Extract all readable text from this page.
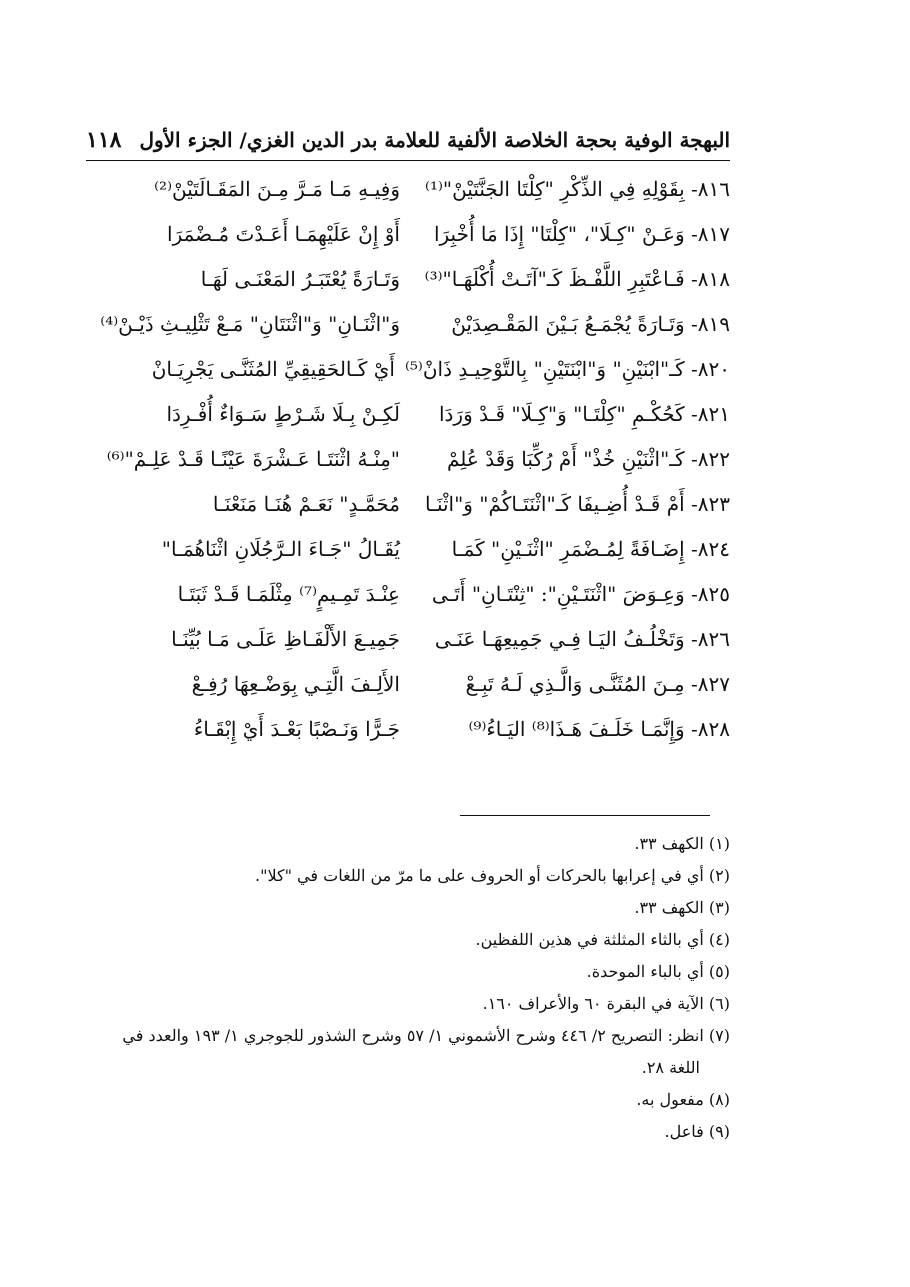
البهجة الوفية بحجة الخلاصة الألفية للعلامة بدر الدين الغزي/ الجزء الأول
١١٨
٨١٦- بِقَوْلِهِ فِي الذِّكْرِ "كِلْتَا الجَنَّتَيْنْ"⁽¹⁾
وَفِيـهِ مَـا مَـرَّ مِـنَ المَقَـالَتَيْنْ⁽²⁾
٨١٧- وَعَـنْ "كِـلَا"، "كِلْتَا" إِذَا مَا أُخْبِرَا
أَوْ إِنْ عَلَيْهِمَـا أَعَـدْتَ مُـضْمَرَا
٨١٨- فَـاعْتَبِرِ اللَّفْـظَ كَـ"آتَـتْ أُكْلَهَـا"⁽³⁾
وَتَـارَةً يُعْتَبَـرُ المَعْنَـى لَهَـا
٨١٩- وَتَـارَةً يُجْمَـعُ بَـيْنَ المَقْـصِدَيْنْ
وَ"اثْنَـانِ" وَ"اثْنَتَانِ" مَـعْ تَثْلِيـثِ ذَيْـنْ⁽⁴⁾
٨٢٠- كَـ"ابْنَيْنِ" وَ"ابْنَتَيْنِ" بِالتَّوْحِيـدِ ذَانْ⁽⁵⁾
أَيْ كَـالحَقِيقِيِّ المُثَنَّـى يَجْرِيَـانْ
٨٢١- كَحُكْـمِ "كِلْتَـا" وَ"كِـلَا" قَـدْ وَرَدَا
لَكِـنْ بِـلَا شَـرْطٍ سَـوَاءٌ أُفْـرِدَا
٨٢٢- كَـ"اثْنَيْنِ خُذْ" أَمْ رُكِّبَا وَقَدْ عُلِمْ
"مِنْـهُ اثْنَتَـا عَـشْرَةَ عَيْنًـا قَـدْ عَلِـمْ"⁽⁶⁾
٨٢٣- أَمْ قَـدْ أُضِـيفَا كَـ"اثْنَتَـاكُمْ" وَ"اثْنَـا
مُحَمَّـدٍ" نَعَـمْ هُنَـا مَنَعْنَـا
٨٢٤- إِضَـافَةً لِمُـضْمَرِ "اثْنَـيْنِ" كَمَـا
يُقَـالُ "جَـاءَ الـرَّجُلَانِ اثْنَاهُمَـا"
٨٢٥- وَعِـوَضَ "اثْنَتَـيْنِ": "ثِنْتَـانِ" أَتَـى
عِنْـدَ تَمِـيمٍ⁽⁷⁾ مِثْلَمَـا قَـدْ ثَبَتَـا
٨٢٦- وَتَخْلُـفُ اليَـا فِـي جَمِيعِهَـا عَنَـى
جَمِيـعَ الأَلْفَـاظِ عَلَـى مَـا بُيِّنَـا
٨٢٧- مِـنَ المُثَنَّـى وَالَّـذِي لَـهُ تَبِـعْ
الأَلِـفَ الَّتِـي بِوَضْـعِهَا رُفِـعْ
٨٢٨- وَإِنَّمَـا خَلَـفَ هَـذَا⁽⁸⁾ اليَـاءُ⁽⁹⁾
جَـرًّا وَنَـصْبًا بَعْـدَ أَيْ إِبْقَـاءُ
(١) الكهف ٣٣.
(٢) أي في إعرابها بالحركات أو الحروف على ما مرّ من اللغات في "كلا".
(٣) الكهف ٣٣.
(٤) أي بالثاء المثلثة في هذين اللفظين.
(٥) أي بالباء الموحدة.
(٦) الآية في البقرة ٦٠ والأعراف ١٦٠.
(٧) انظر: التصريح ٢/ ٤٤٦ وشرح الأشموني ١/ ٥٧ وشرح الشذور للجوجري ١/ ١٩٣ والعدد في
اللغة ٢٨.
(٨) مفعول به.
(٩) فاعل.
